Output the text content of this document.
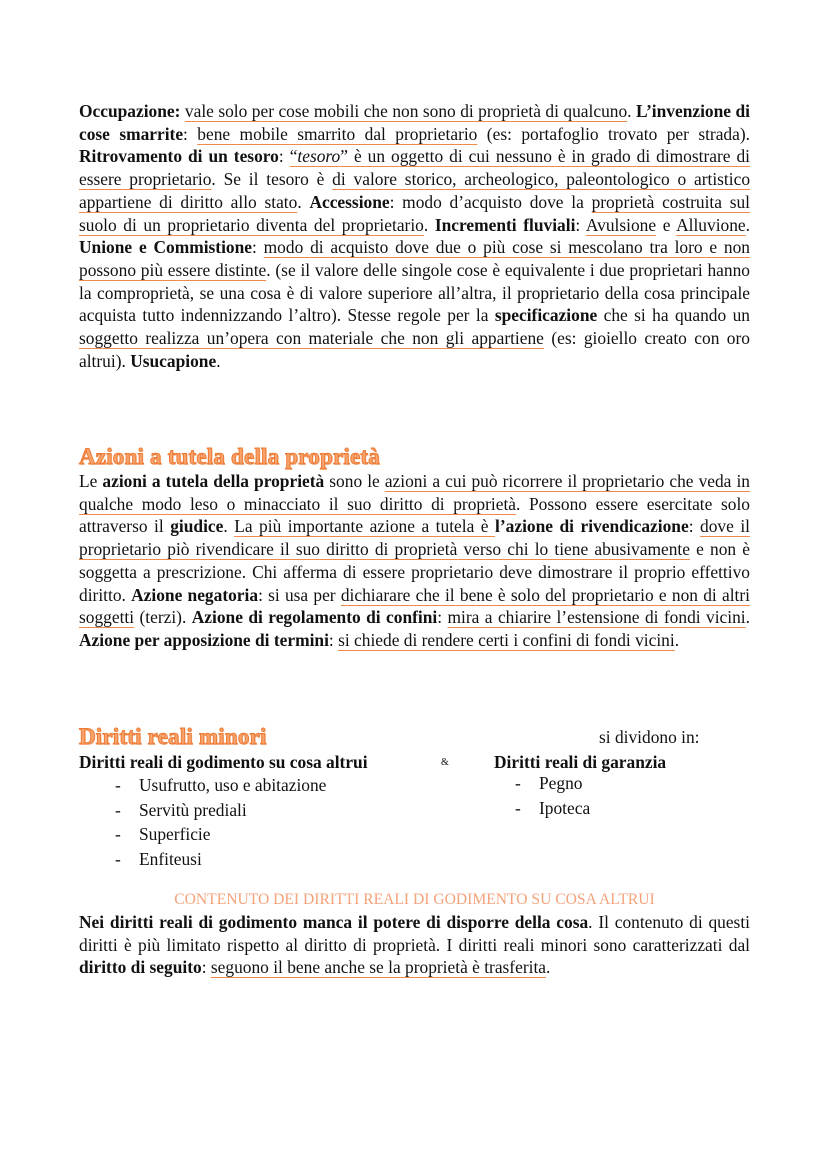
Occupazione: vale solo per cose mobili che non sono di proprietà di qualcuno. L’invenzione di cose smarrite: bene mobile smarrito dal proprietario (es: portafoglio trovato per strada). Ritrovamento di un tesoro: “tesoro” è un oggetto di cui nessuno è in grado di dimostrare di essere proprietario. Se il tesoro è di valore storico, archeologico, paleontologico o artistico appartiene di diritto allo stato. Accessione: modo d’acquisto dove la proprietà costruita sul suolo di un proprietario diventa del proprietario. Incrementi fluviali: Avulsione e Alluvione. Unione e Commistione: modo di acquisto dove due o più cose si mescolano tra loro e non possono più essere distinte. (se il valore delle singole cose è equivalente i due proprietari hanno la comproprietà, se una cosa è di valore superiore all’altra, il proprietario della cosa principale acquista tutto indennizzando l’altro). Stesse regole per la specificazione che si ha quando un soggetto realizza un’opera con materiale che non gli appartiene (es: gioiello creato con oro altrui). Usucapione.

Azioni a tutela della proprietà

Le azioni a tutela della proprietà sono le azioni a cui può ricorrere il proprietario che veda in qualche modo leso o minacciato il suo diritto di proprietà. Possono essere esercitate solo attraverso il giudice. La più importante azione a tutela è l’azione di rivendicazione: dove il proprietario piò rivendicare il suo diritto di proprietà verso chi lo tiene abusivamente e non è soggetta a prescrizione. Chi afferma di essere proprietario deve dimostrare il proprio effettivo diritto. Azione negatoria: si usa per dichiarare che il bene è solo del proprietario e non di altri soggetti (terzi). Azione di regolamento di confini: mira a chiarire l’estensione di fondi vicini. Azione per apposizione di termini: si chiede di rendere certi i confini di fondi vicini.

Diritti reali minori	si dividono in:
Diritti reali di godimento su cosa altrui	&	Diritti reali di garanzia
- Usufrutto, uso e abitazione
- Servitù prediali
- Superficie
- Enfiteusi
- Pegno
- Ipoteca

CONTENUTO DEI DIRITTI REALI DI GODIMENTO SU COSA ALTRUI

Nei diritti reali di godimento manca il potere di disporre della cosa. Il contenuto di questi diritti è più limitato rispetto al diritto di proprietà. I diritti reali minori sono caratterizzati dal diritto di seguito: seguono il bene anche se la proprietà è trasferita.
